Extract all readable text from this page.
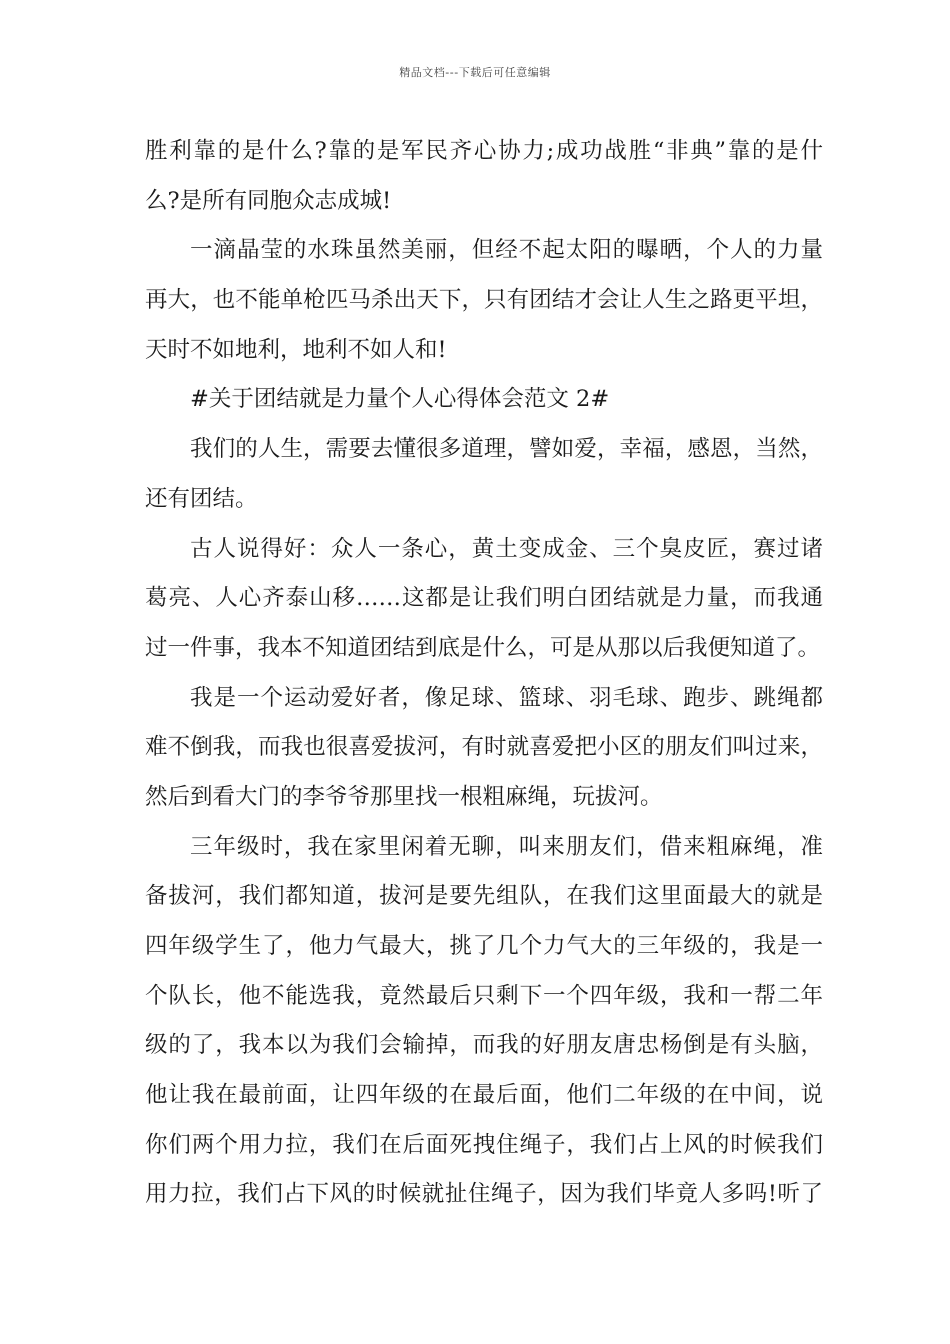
精品文档---下载后可任意编辑
胜利靠的是什么?靠的是军民齐心协力;成功战胜“非典”靠的是什
么?是所有同胞众志成城!
一滴晶莹的水珠虽然美丽，但经不起太阳的曝晒，个人的力量
再大，也不能单枪匹马杀出天下，只有团结才会让人生之路更平坦，
天时不如地利，地利不如人和!
#关于团结就是力量个人心得体会范文 2#
我们的人生，需要去懂很多道理，譬如爱，幸福，感恩，当然，
还有团结。
古人说得好：众人一条心，黄土变成金、三个臭皮匠，赛过诸
葛亮、人心齐泰山移……这都是让我们明白团结就是力量，而我通
过一件事，我本不知道团结到底是什么，可是从那以后我便知道了。
我是一个运动爱好者，像足球、篮球、羽毛球、跑步、跳绳都
难不倒我，而我也很喜爱拔河，有时就喜爱把小区的朋友们叫过来，
然后到看大门的李爷爷那里找一根粗麻绳，玩拔河。
三年级时，我在家里闲着无聊，叫来朋友们，借来粗麻绳，准
备拔河，我们都知道，拔河是要先组队，在我们这里面最大的就是
四年级学生了，他力气最大，挑了几个力气大的三年级的，我是一
个队长，他不能选我，竟然最后只剩下一个四年级，我和一帮二年
级的了，我本以为我们会输掉，而我的好朋友唐忠杨倒是有头脑，
他让我在最前面，让四年级的在最后面，他们二年级的在中间，说
你们两个用力拉，我们在后面死拽住绳子，我们占上风的时候我们
用力拉，我们占下风的时候就扯住绳子，因为我们毕竟人多吗!听了
